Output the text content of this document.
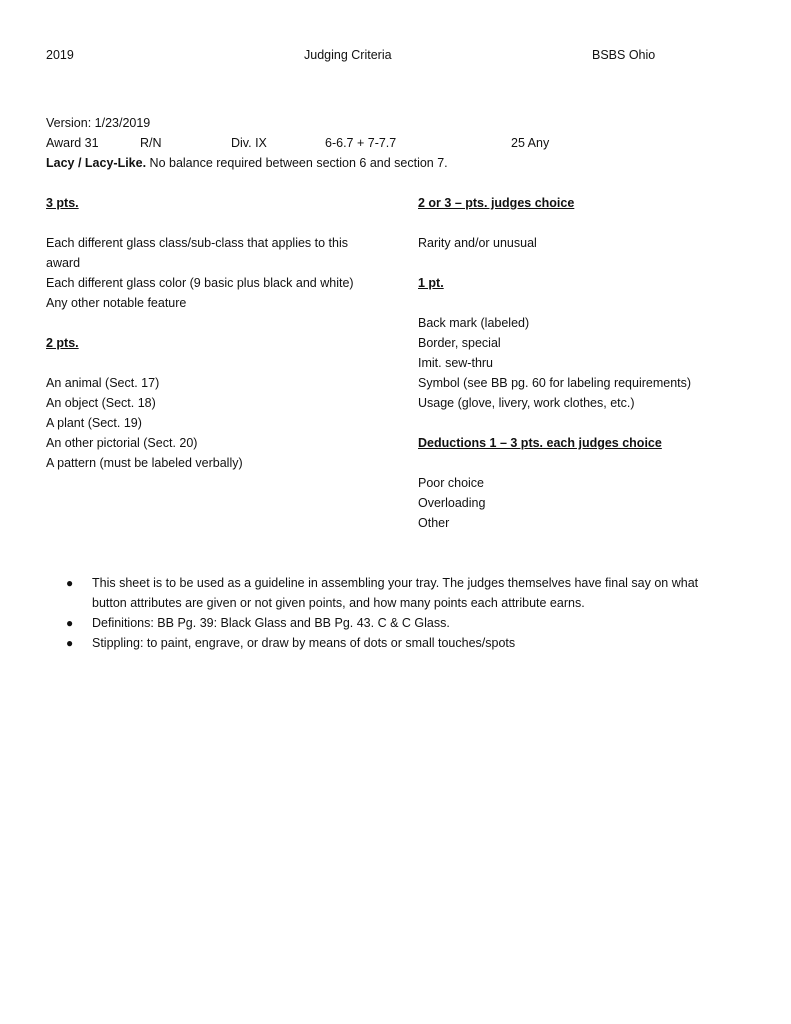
2019	Judging Criteria	BSBS Ohio
Version: 1/23/2019
Award 31	R/N	Div. IX	6-6.7 + 7-7.7	25 Any
Lacy / Lacy-Like. No balance required between section 6 and section 7.

3 pts.

Each different glass class/sub-class that applies to this

award

Each different glass color (9 basic plus black and white)

Any other notable feature

2 pts.

An animal (Sect. 17)

An object (Sect. 18)

A plant (Sect. 19)

An other pictorial (Sect. 20)

A pattern (must be labeled verbally)

2 or 3 – pts. judges choice

Rarity and/or unusual

1 pt.

Back mark (labeled)

Border, special

Imit. sew-thru

Symbol (see BB pg. 60 for labeling requirements)

Usage (glove, livery, work clothes, etc.)

Deductions 1 – 3 pts. each judges choice

Poor choice

Overloading

Other

● This sheet is to be used as a guideline in assembling your tray. The judges themselves have final say on what
button attributes are given or not given points, and how many points each attribute earns.
● Definitions: BB Pg. 39: Black Glass and BB Pg. 43. C & C Glass.
● Stippling: to paint, engrave, or draw by means of dots or small touches/spots
